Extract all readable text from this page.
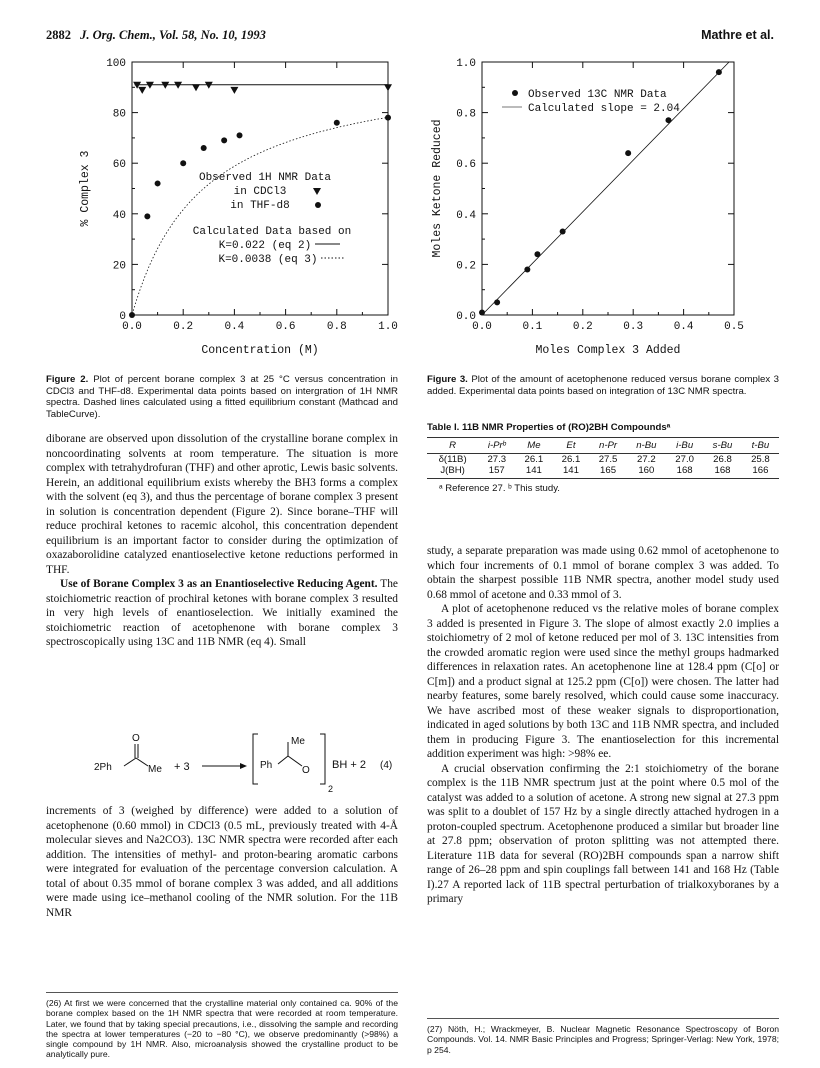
2882 J. Org. Chem., Vol. 58, No. 10, 1993	Mathre et al.
0.0	0.2	0.4	0.6	0.8	1.0
0
20
40
60
80
100
Concentration (M)
% Complex 3	Observed 1H NMR Data
in CDCl3
in THF-d8
Calculated Data based on
K=0.022 (eq 2)
K=0.0038 (eq 3)
0.0	0.1	0.2	0.3	0.4	0.5
0.0
0.2
0.4
0.6
0.8
1.0
Moles Complex 3 Added
Moles Ketone Reduced
Observed 13C NMR Data
Calculated slope = 2.04
Figure 2. Plot of percent borane complex 3 at 25 °C versus concentration in CDCl3 and THF-d8. Experimental data points based on intergration of 1H NMR spectra. Dashed lines calculated using a fitted equilibrium constant (Mathcad and TableCurve).
Figure 3. Plot of the amount of acetophenone reduced versus borane complex 3 added. Experimental data points based on integration of 13C NMR spectra.
Table I. 11B NMR Properties of (RO)2BH Compoundsᵃ
R	i-Prᵇ	Me	Et	n-Pr	n-Bu	i-Bu	s-Bu	t-Bu
δ(11B)	27.3	26.1	26.1	27.5	27.2	27.0	26.8	25.8
J(BH)	157	141	141	165	160	168	168	166
ᵃ Reference 27. ᵇ This study.

diborane are observed upon dissolution of the crystalline borane complex in noncoordinating solvents at room temperature. The situation is more complex with tetrahydrofuran (THF) and other aprotic, Lewis basic solvents. Herein, an additional equilibrium exists whereby the BH3 forms a complex with the solvent (eq 3), and thus the percentage of borane complex 3 present in solution is concentration dependent (Figure 2). Since borane–THF will reduce prochiral ketones to racemic alcohol, this concentration dependent equilibrium is an important factor to consider during the optimization of oxazaborolidine catalyzed enantioselective ketone reductions performed in THF.

Use of Borane Complex 3 as an Enantioselective Reducing Agent. The stoichiometric reaction of prochiral ketones with borane complex 3 resulted in very high levels of enantioselection. We initially examined the stoichiometric reaction of acetophenone with borane complex 3 spectroscopically using 13C and 11B NMR (eq 4). Small

2Ph
O
Me + 3	Ph
Me
O
2
BH + 2 (4)

increments of 3 (weighed by difference) were added to a solution of acetophenone (0.60 mmol) in CDCl3 (0.5 mL, previously treated with 4-Å molecular sieves and Na2CO3). 13C NMR spectra were recorded after each addition. The intensities of methyl- and proton-bearing aromatic carbons were integrated for evaluation of the percentage conversion calculation. A total of about 0.35 mmol of borane complex 3 was added, and all additions were made using ice–methanol cooling of the NMR solution. For the 11B NMR

(26) At first we were concerned that the crystalline material only contained ca. 90% of the borane complex based on the 1H NMR spectra that were recorded at room temperature. Later, we found that by taking special precautions, i.e., dissolving the sample and recording the spectra at lower temperatures (−20 to −80 °C), we observe predominantly (>98%) a single compound by 1H NMR. Also, microanalysis showed the crystalline product to be analytically pure.

study, a separate preparation was made using 0.62 mmol of acetophenone to which four increments of 0.1 mmol of borane complex 3 was added. To obtain the sharpest possible 11B NMR spectra, another model study used 0.68 mmol of acetone and 0.33 mmol of 3.

A plot of acetophenone reduced vs the relative moles of borane complex 3 added is presented in Figure 3. The slope of almost exactly 2.0 implies a stoichiometry of 2 mol of ketone reduced per mol of 3. 13C intensities from the crowded aromatic region were used since the methyl groups hadmarked differences in relaxation rates. An acetophenone line at 128.4 ppm (C[o] or C[m]) and a product signal at 125.2 ppm (C[o]) were chosen. The latter had nearby features, some barely resolved, which could cause some inaccuracy. We have ascribed most of these weaker signals to disproportionation, indicated in aged solutions by both 13C and 11B NMR spectra, and included them in producing Figure 3. The enantioselection for this incremental addition experiment was high: >98% ee.

A crucial observation confirming the 2:1 stoichiometry of the borane complex is the 11B NMR spectrum just at the point where 0.5 mol of the catalyst was added to a solution of acetone. A strong new signal at 27.3 ppm was split to a doublet of 157 Hz by a single directly attached hydrogen in a proton-coupled spectrum. Acetophenone produced a similar but broader line at 27.8 ppm; observation of proton splitting was not attempted there. Literature 11B data for several (RO)2BH compounds span a narrow shift range of 26–28 ppm and spin couplings fall between 141 and 168 Hz (Table I).27 A reported lack of 11B spectral perturbation of trialkoxyboranes by a primary

(27) Nöth, H.; Wrackmeyer, B. Nuclear Magnetic Resonance Spectroscopy of Boron Compounds. Vol. 14. NMR Basic Principles and Progress; Springer-Verlag: New York, 1978; p 254.
